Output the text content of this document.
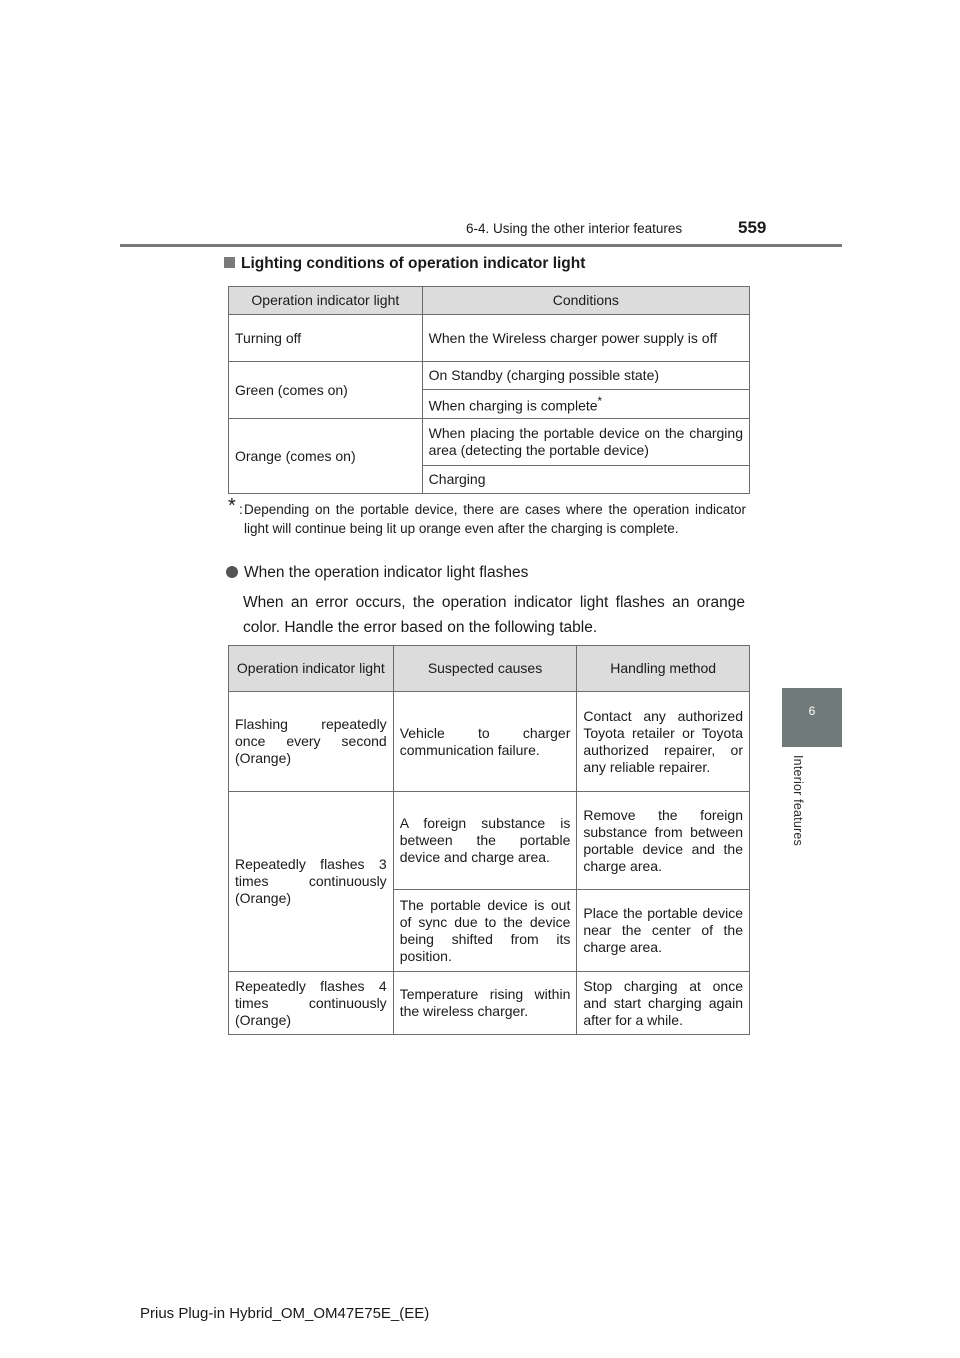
6-4. Using the other interior features	559
6
Interior features
Lighting conditions of operation indicator light
Operation indicator light	Conditions
Turning off	When the Wireless charger power supply is off
Green (comes on)	On Standby (charging possible state)
	When charging is complete*
Orange (comes on)	When placing the portable device on the charging area (detecting the portable device)
	Charging
* : Depending on the portable device, there are cases where the operation indicator light will continue being lit up orange even after the charging is complete.
When the operation indicator light flashes
When an error occurs, the operation indicator light flashes an orange color. Handle the error based on the following table.
Operation indicator light	Suspected causes	Handling method
Flashing repeatedly once every second (Orange)	Vehicle to charger communication failure.	Contact any authorized Toyota retailer or Toyota authorized repairer, or any reliable repairer.
Repeatedly flashes 3 times continuously (Orange)	A foreign substance is between the portable device and charge area.	Remove the foreign substance from between portable device and the charge area.
	The portable device is out of sync due to the device being shifted from its position.	Place the portable device near the center of the charge area.
Repeatedly flashes 4 times continuously (Orange)	Temperature rising within the wireless charger.	Stop charging at once and start charging again after for a while.
Prius Plug-in Hybrid_OM_OM47E75E_(EE)
